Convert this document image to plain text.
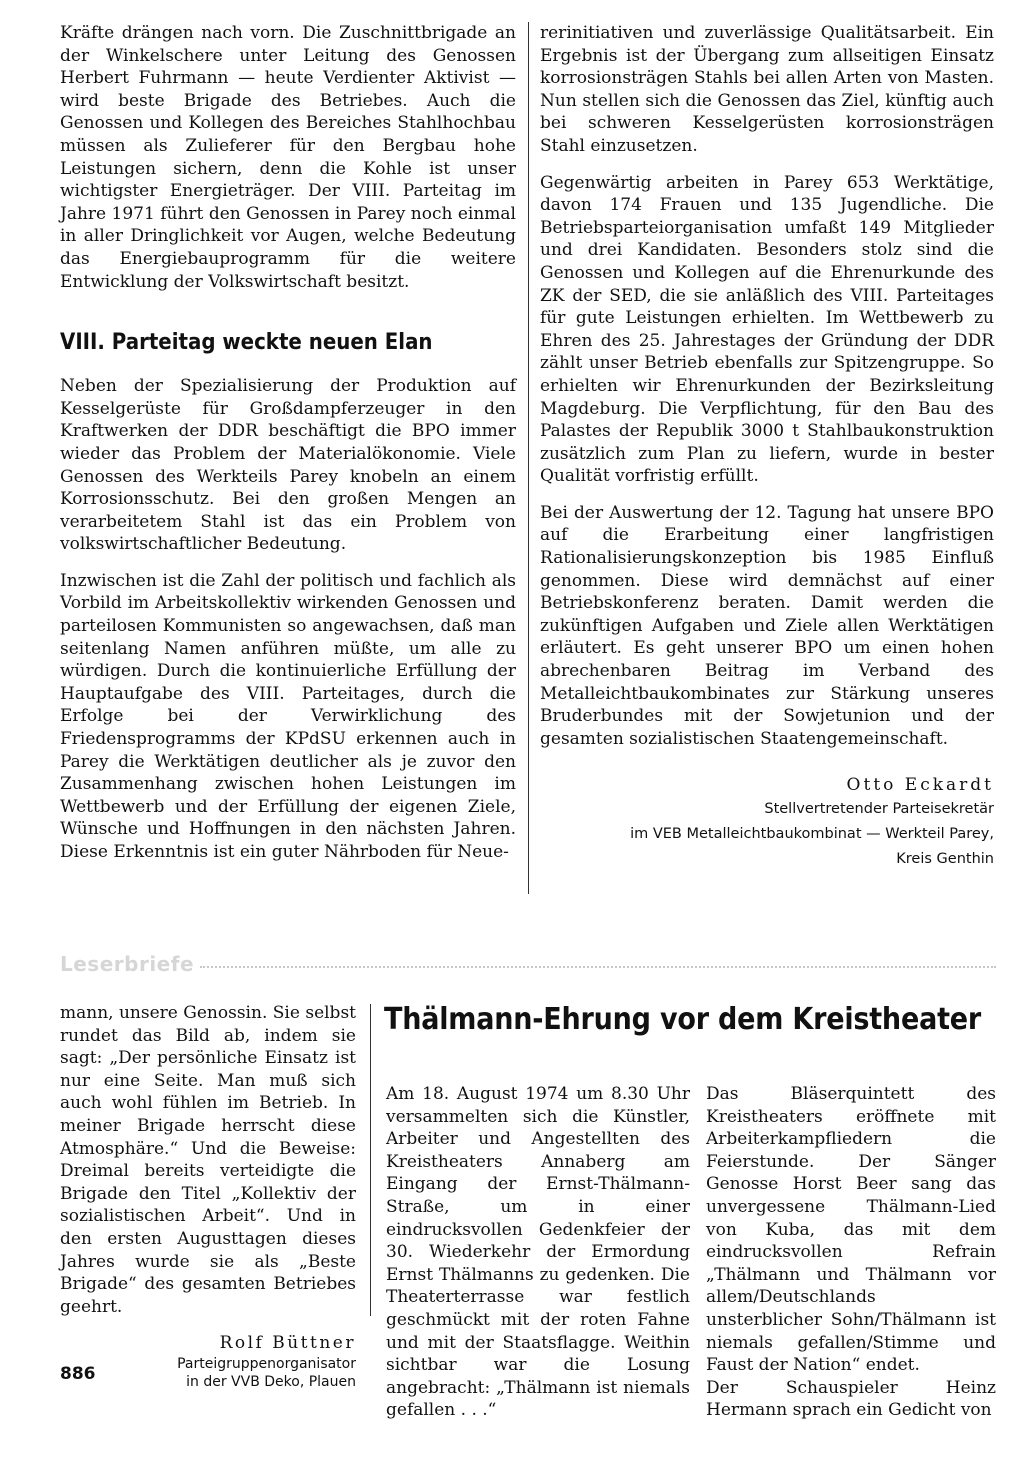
Kräfte drängen nach vorn. Die Zuschnittbrigade an der Winkelschere unter Leitung des Genossen Herbert Fuhrmann — heute Verdienter Aktivist — wird beste Brigade des Betriebes. Auch die Genossen und Kollegen des Bereiches Stahlhochbau müssen als Zulieferer für den Bergbau hohe Leistungen sichern, denn die Kohle ist unser wichtigster Energieträger. Der VIII. Parteitag im Jahre 1971 führt den Genossen in Parey noch einmal in aller Dringlichkeit vor Augen, welche Bedeutung das Energiebauprogramm für die weitere Entwicklung der Volkswirtschaft besitzt.

VIII. Parteitag weckte neuen Elan

Neben der Spezialisierung der Produktion auf Kesselgerüste für Großdampferzeuger in den Kraftwerken der DDR beschäftigt die BPO immer wieder das Problem der Materialökonomie. Viele Genossen des Werkteils Parey knobeln an einem Korrosionsschutz. Bei den großen Mengen an verarbeitetem Stahl ist das ein Problem von volkswirtschaftlicher Bedeutung.

Inzwischen ist die Zahl der politisch und fachlich als Vorbild im Arbeitskollektiv wirkenden Genossen und parteilosen Kommunisten so angewachsen, daß man seitenlang Namen anführen müßte, um alle zu würdigen. Durch die kontinuierliche Erfüllung der Hauptaufgabe des VIII. Parteitages, durch die Erfolge bei der Verwirklichung des Friedensprogramms der KPdSU erkennen auch in Parey die Werktätigen deutlicher als je zuvor den Zusammenhang zwischen hohen Leistungen im Wettbewerb und der Erfüllung der eigenen Ziele, Wünsche und Hoffnungen in den nächsten Jahren. Diese Erkenntnis ist ein guter Nährboden für Neue-

rerinitiativen und zuverlässige Qualitätsarbeit. Ein Ergebnis ist der Übergang zum allseitigen Einsatz korrosionsträgen Stahls bei allen Arten von Masten. Nun stellen sich die Genossen das Ziel, künftig auch bei schweren Kesselgerüsten korrosionsträgen Stahl einzusetzen.

Gegenwärtig arbeiten in Parey 653 Werktätige, davon 174 Frauen und 135 Jugendliche. Die Betriebsparteiorganisation umfaßt 149 Mitglieder und drei Kandidaten. Besonders stolz sind die Genossen und Kollegen auf die Ehrenurkunde des ZK der SED, die sie anläßlich des VIII. Parteitages für gute Leistungen erhielten. Im Wettbewerb zu Ehren des 25. Jahrestages der Gründung der DDR zählt unser Betrieb ebenfalls zur Spitzengruppe. So erhielten wir Ehrenurkunden der Bezirksleitung Magdeburg. Die Verpflichtung, für den Bau des Palastes der Republik 3000 t Stahlbaukonstruktion zusätzlich zum Plan zu liefern, wurde in bester Qualität vorfristig erfüllt.

Bei der Auswertung der 12. Tagung hat unsere BPO auf die Erarbeitung einer langfristigen Rationalisierungskonzeption bis 1985 Einfluß genommen. Diese wird demnächst auf einer Betriebskonferenz beraten. Damit werden die zukünftigen Aufgaben und Ziele allen Werktätigen erläutert. Es geht unserer BPO um einen hohen abrechenbaren Beitrag im Verband des Metalleichtbaukombinates zur Stärkung unseres Bruderbundes mit der Sowjetunion und der gesamten sozialistischen Staatengemeinschaft.

Otto Eckardt
Stellvertretender Parteisekretär
im VEB Metalleichtbaukombinat — Werkteil Parey,
Kreis Genthin
Leserbriefe

mann, unsere Genossin. Sie selbst rundet das Bild ab, indem sie sagt: „Der persönliche Einsatz ist nur eine Seite. Man muß sich auch wohl fühlen im Betrieb. In meiner Brigade herrscht diese Atmosphäre.“ Und die Beweise: Dreimal bereits verteidigte die Brigade den Titel „Kollektiv der sozialistischen Arbeit“. Und in den ersten Augusttagen dieses Jahres wurde sie als „Beste Brigade“ des gesamten Betriebes geehrt.

Rolf Büttner
Parteigruppenorganisator
in der VVB Deko, Plauen
Thälmann-Ehrung vor dem Kreistheater

Am 18. August 1974 um 8.30 Uhr versammelten sich die Künstler, Arbeiter und Angestellten des Kreistheaters Annaberg am Eingang der Ernst-Thälmann-Straße, um in einer eindrucksvollen Gedenkfeier der 30. Wiederkehr der Ermordung Ernst Thälmanns zu gedenken. Die Theaterterrasse war festlich geschmückt mit der roten Fahne und mit der Staatsflagge. Weithin sichtbar war die Losung angebracht: „Thälmann ist niemals gefallen . . .“

Das Bläserquintett des Kreistheaters eröffnete mit Arbeiterkampfliedern die Feierstunde. Der Sänger Genosse Horst Beer sang das unvergessene Thälmann-Lied von Kuba, das mit dem eindrucksvollen Refrain „Thälmann und Thälmann vor allem/Deutschlands unsterblicher Sohn/Thälmann ist niemals gefallen/Stimme und Faust der Nation“ endet.

Der Schauspieler Heinz Hermann sprach ein Gedicht von

886
